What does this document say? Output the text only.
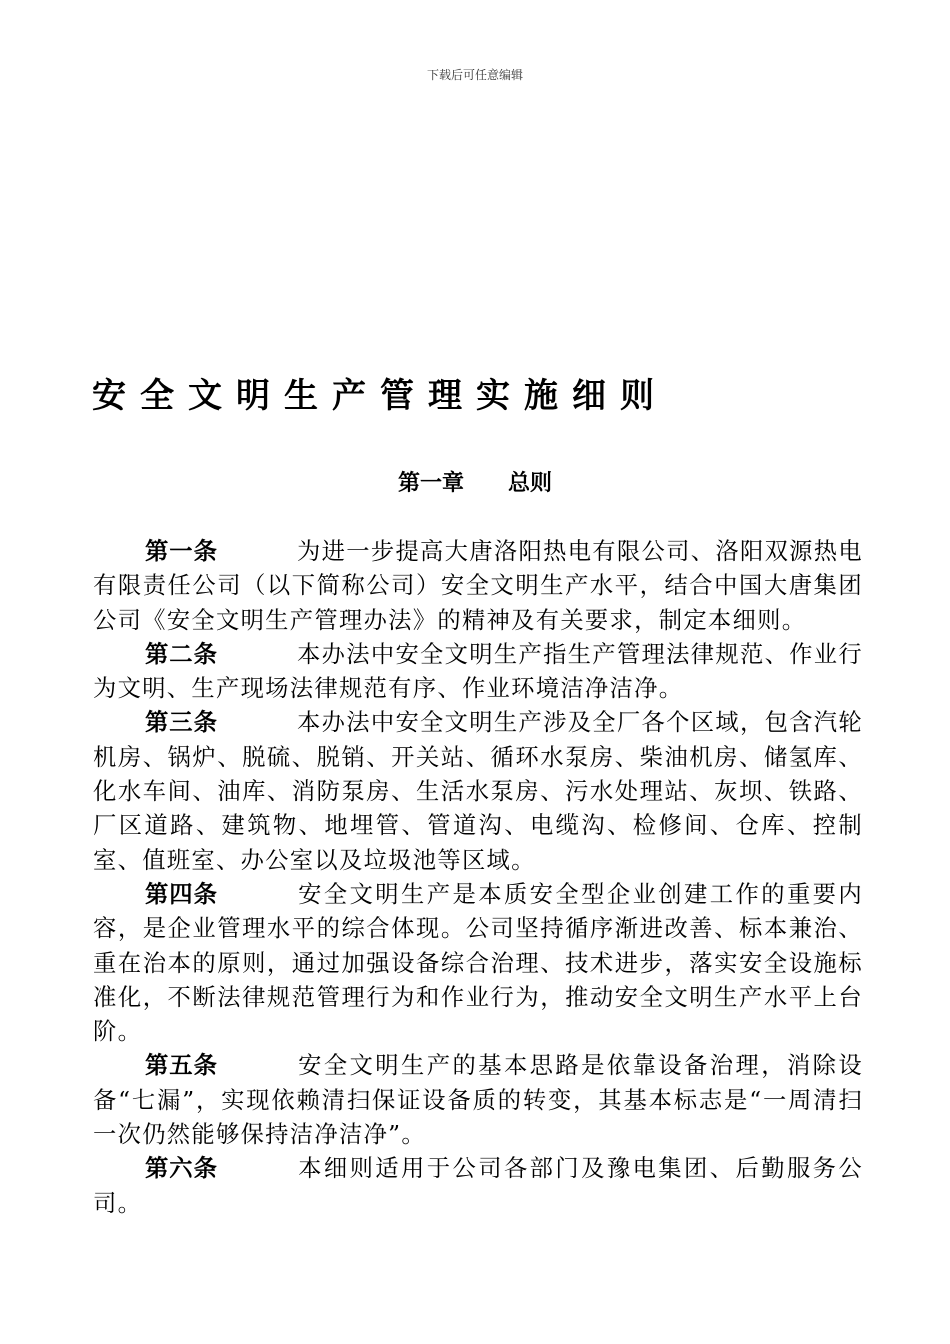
下载后可任意编辑
安全文明生产管理实施细则
第一章　　总则

第一条	为进一步提高大唐洛阳热电有限公司、洛阳双源热电有限责任公司（以下简称公司）安全文明生产水平，结合中国大唐集团公司《安全文明生产管理办法》的精神及有关要求，制定本细则。

第二条	本办法中安全文明生产指生产管理法律规范、作业行为文明、生产现场法律规范有序、作业环境洁净洁净。

第三条	本办法中安全文明生产涉及全厂各个区域，包含汽轮机房、锅炉、脱硫、脱销、开关站、循环水泵房、柴油机房、储氢库、化水车间、油库、消防泵房、生活水泵房、污水处理站、灰坝、铁路、厂区道路、建筑物、地埋管、管道沟、电缆沟、检修间、仓库、控制室、值班室、办公室以及垃圾池等区域。

第四条	安全文明生产是本质安全型企业创建工作的重要内容，是企业管理水平的综合体现。公司坚持循序渐进改善、标本兼治、重在治本的原则，通过加强设备综合治理、技术进步，落实安全设施标准化，不断法律规范管理行为和作业行为，推动安全文明生产水平上台阶。

第五条	安全文明生产的基本思路是依靠设备治理，消除设备“七漏”，实现依赖清扫保证设备质的转变，其基本标志是“一周清扫一次仍然能够保持洁净洁净”。

第六条	本细则适用于公司各部门及豫电集团、后勤服务公司。
